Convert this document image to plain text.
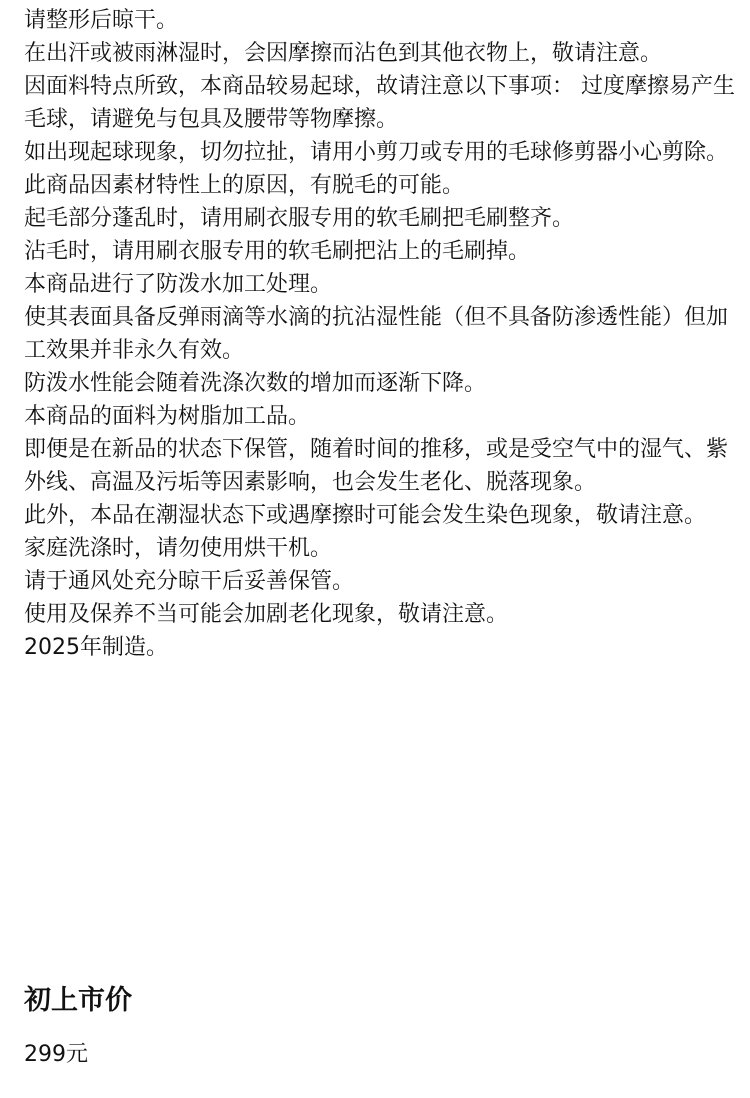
请整形后晾干。

在出汗或被雨淋湿时，会因摩擦而沾色到其他衣物上，敬请注意。

因面料特点所致，本商品较易起球，故请注意以下事项： 过度摩擦易产生毛球，请避免与包具及腰带等物摩擦。

如出现起球现象，切勿拉扯，请用小剪刀或专用的毛球修剪器小心剪除。

此商品因素材特性上的原因，有脱毛的可能。

起毛部分蓬乱时，请用刷衣服专用的软毛刷把毛刷整齐。

沾毛时，请用刷衣服专用的软毛刷把沾上的毛刷掉。

本商品进行了防泼水加工处理。

使其表面具备反弹雨滴等水滴的抗沾湿性能（但不具备防渗透性能）但加工效果并非永久有效。

防泼水性能会随着洗涤次数的增加而逐渐下降。

本商品的面料为树脂加工品。

即便是在新品的状态下保管，随着时间的推移，或是受空气中的湿气、紫外线、高温及污垢等因素影响，也会发生老化、脱落现象。

此外，本品在潮湿状态下或遇摩擦时可能会发生染色现象，敬请注意。

家庭洗涤时，请勿使用烘干机。

请于通风处充分晾干后妥善保管。

使用及保养不当可能会加剧老化现象，敬请注意。

2025年制造。

初上市价

299元
